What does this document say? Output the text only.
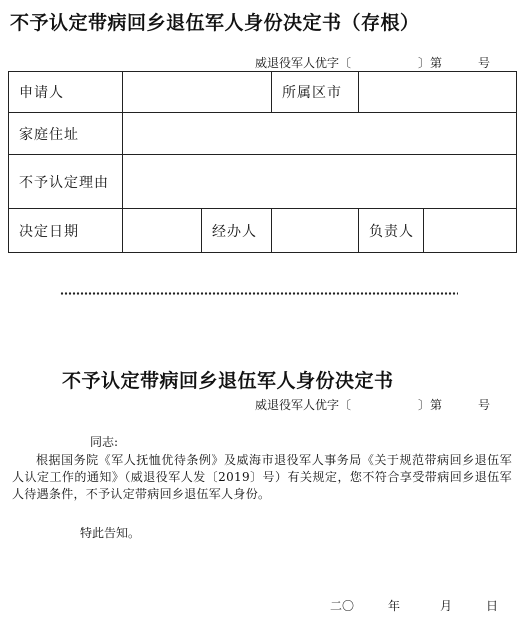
不予认定带病回乡退伍军人身份决定书（存根）
威退役军人优字〔	〕第	号
申请人			所属区市		
家庭住址					
不予认定理由					
决定日期		经办人		负责人	
不予认定带病回乡退伍军人身份决定书
威退役军人优字〔	〕第	号
同志:
根据国务院《军人抚恤优待条例》及威海市退役军人事务局《关于规范带病回乡退伍军人认定工作的通知》（威退役军人发〔2019〕号）有关规定，您不符合享受带病回乡退伍军人待遇条件，不予认定带病回乡退伍军人身份。
特此告知。
二〇	年	月	日
